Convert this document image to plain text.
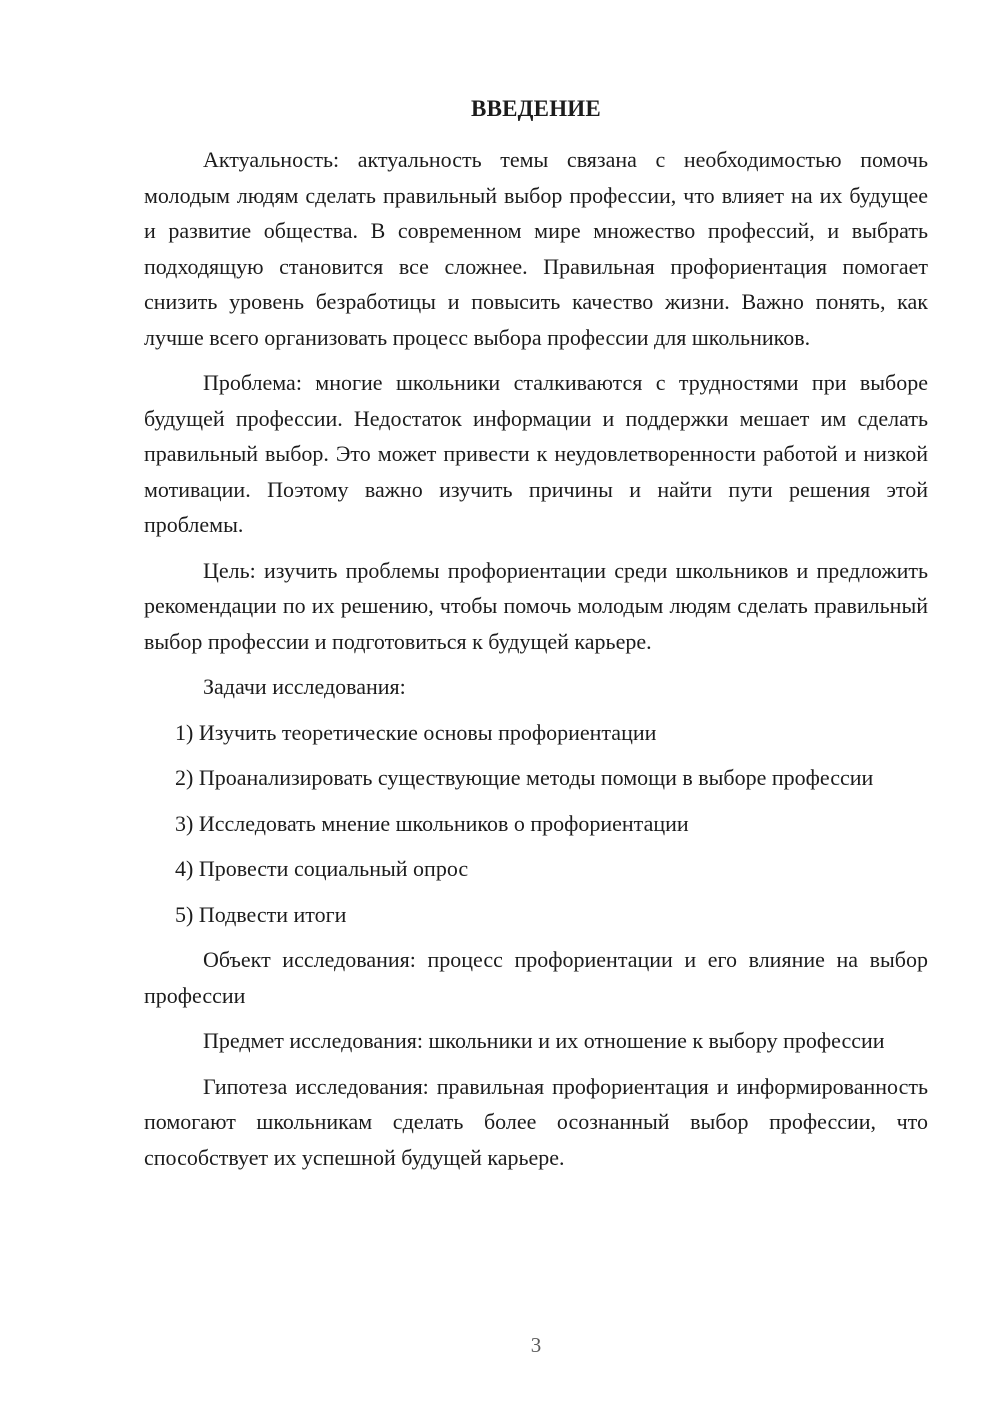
ВВЕДЕНИЕ

Актуальность: актуальность темы связана с необходимостью помочь молодым людям сделать правильный выбор профессии, что влияет на их будущее и развитие общества. В современном мире множество профессий, и выбрать подходящую становится все сложнее. Правильная профориентация помогает снизить уровень безработицы и повысить качество жизни. Важно понять, как лучше всего организовать процесс выбора профессии для школьников.

Проблема: многие школьники сталкиваются с трудностями при выборе будущей профессии. Недостаток информации и поддержки мешает им сделать правильный выбор. Это может привести к неудовлетворенности работой и низкой мотивации. Поэтому важно изучить причины и найти пути решения этой проблемы.

Цель: изучить проблемы профориентации среди школьников и предложить рекомендации по их решению, чтобы помочь молодым людям сделать правильный выбор профессии и подготовиться к будущей карьере.

Задачи исследования:

1) Изучить теоретические основы профориентации

2) Проанализировать существующие методы помощи в выборе профессии

3) Исследовать мнение школьников о профориентации

4) Провести социальный опрос

5) Подвести итоги

Объект исследования: процесс профориентации и его влияние на выбор профессии

Предмет исследования: школьники и их отношение к выбору профессии

Гипотеза исследования: правильная профориентация и информированность помогают школьникам сделать более осознанный выбор профессии, что способствует их успешной будущей карьере.

3
